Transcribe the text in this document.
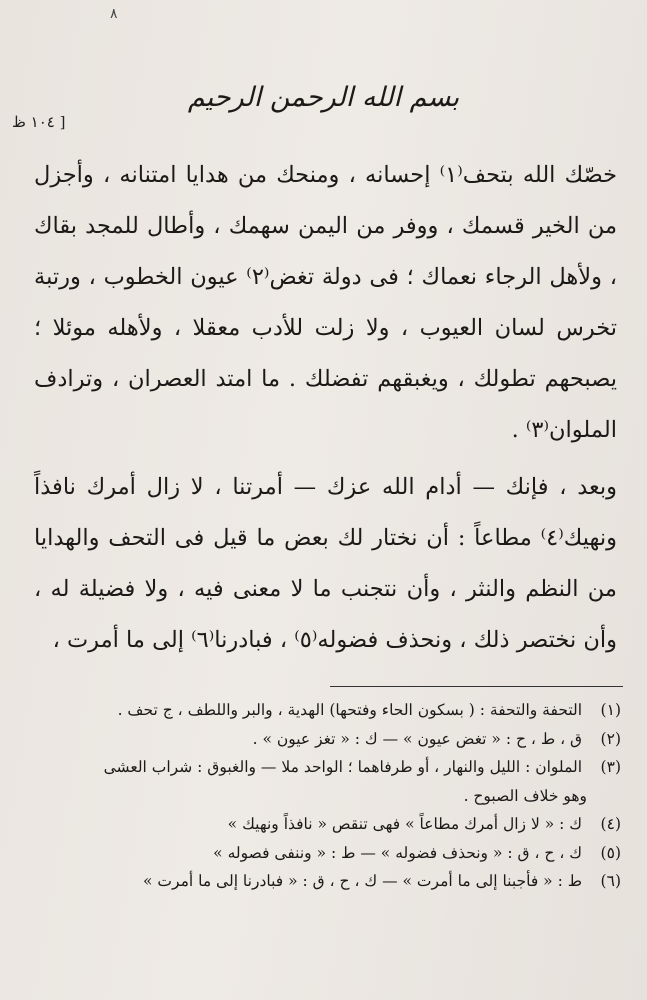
٨
بسم الله الرحمن الرحيم
[ ١٠٤ ظ

خصّك الله بتحف⁽١⁾ إحسانه ، ومنحك من هدايا امتنانه ، وأجزل من الخير قسمك ، ووفر من اليمن سهمك ، وأطال للمجد بقاك ، ولأهل الرجاء نعماك ؛ فى دولة تغض⁽٢⁾ عيون الخطوب ، ورتبة تخرس لسان العيوب ، ولا زلت للأدب معقلا ، ولأهله موئلا ؛ يصبحهم تطولك ، ويغبقهم تفضلك . ما امتد العصران ، وترادف الملوان⁽٣⁾ .

وبعد ، فإنك — أدام الله عزك — أمرتنا ، لا زال أمرك نافذاً ونهيك⁽٤⁾ مطاعاً : أن نختار لك بعض ما قيل فى التحف والهدايا من النظم والنثر ، وأن نتجنب ما لا معنى فيه ، ولا فضيلة له ، وأن نختصر ذلك ، ونحذف فضوله⁽٥⁾ ، فبادرنا⁽٦⁾ إلى ما أمرت ،

(١) التحفة والتحفة : ( بسكون الحاء وفتحها) الهدية ، والبر واللطف ، ج تحف .
(٢) ق ، ط ، ح : « تغض عيون » — ك : « تغز عيون » .
(٣) الملوان : الليل والنهار ، أو طرفاهما ؛ الواحد ملا — والغبوق : شراب العشى
وهو خلاف الصبوح .
(٤) ك : « لا زال أمرك مطاعاً » فهى تنقص « نافذاً ونهيك »
(٥) ك ، ح ، ق : « ونحذف فضوله » — ط : « وننفى فصوله »
(٦) ط : « فأجبنا إلى ما أمرت » — ك ، ح ، ق : « فبادرنا إلى ما أمرت »
